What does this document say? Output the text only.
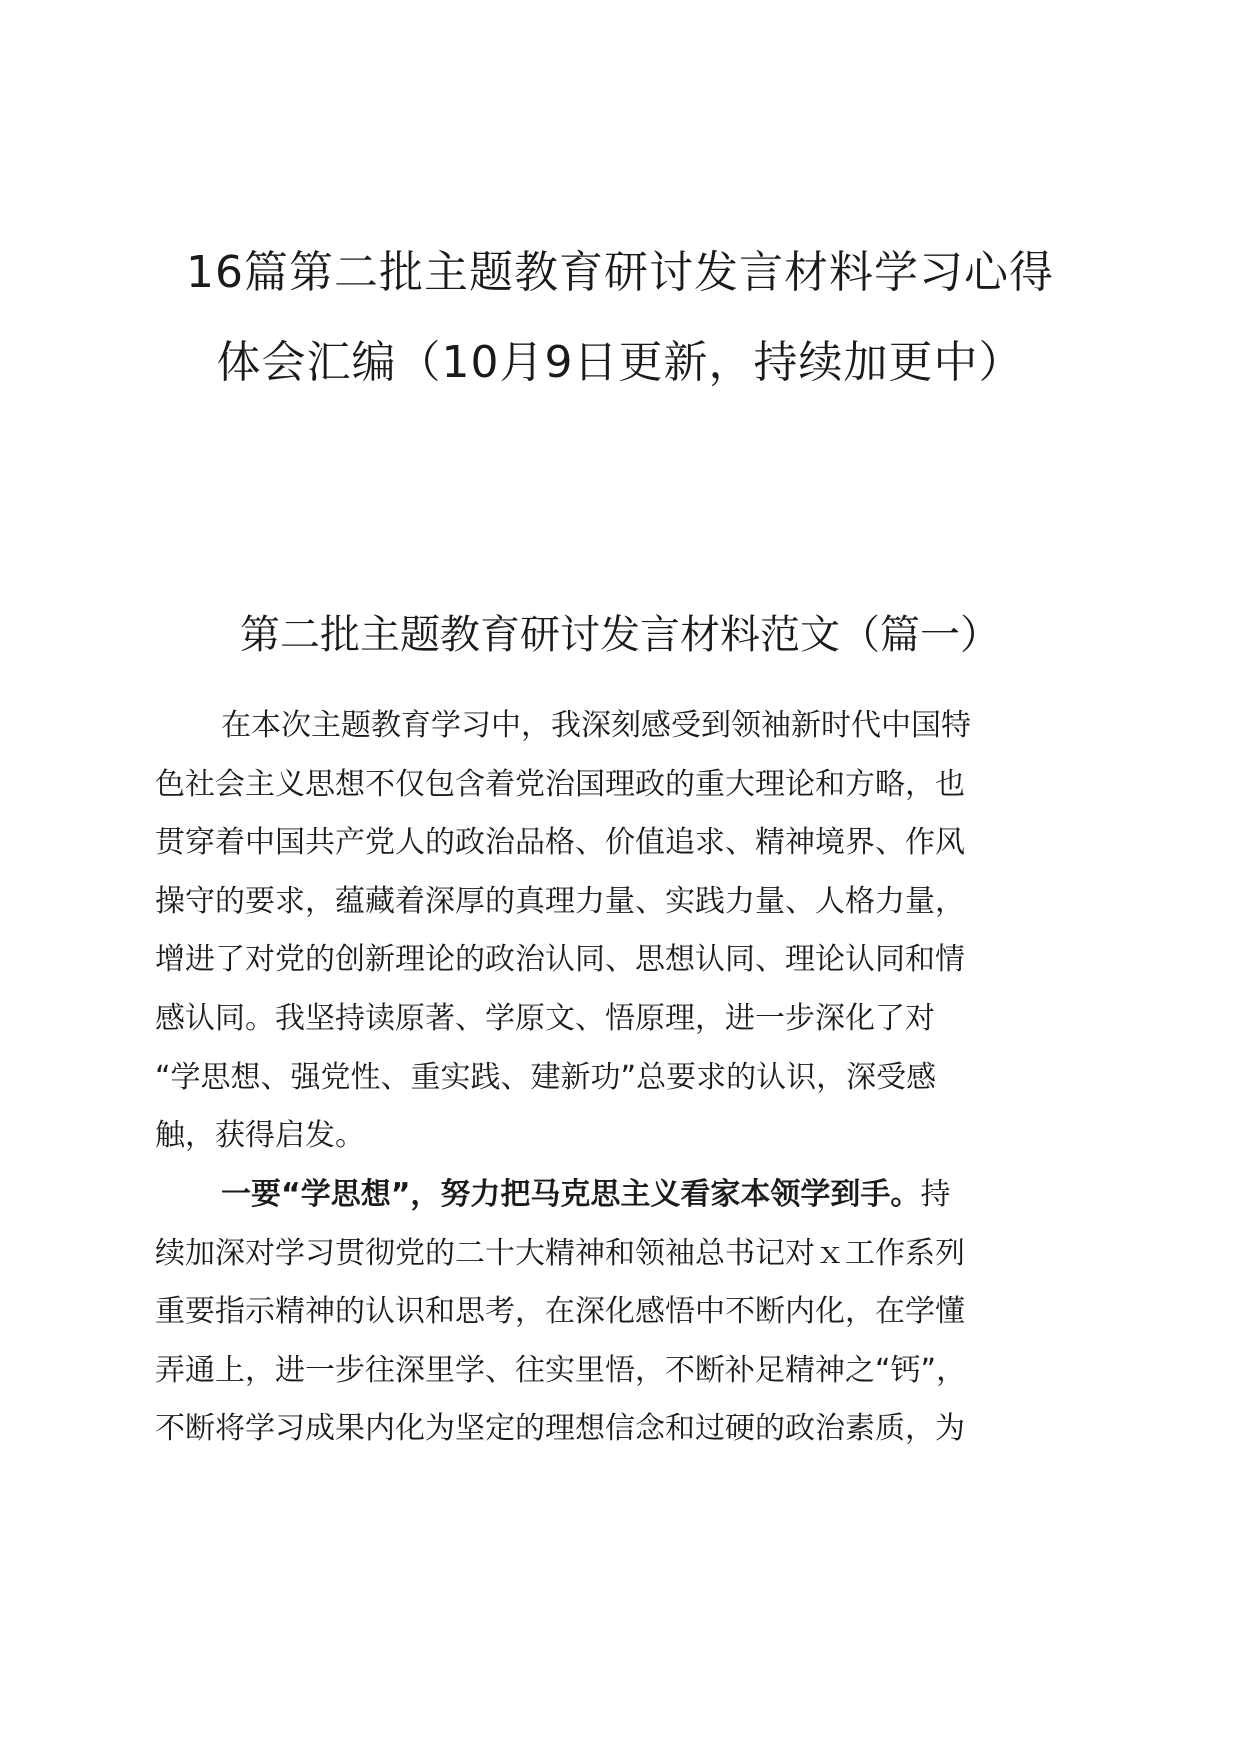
16篇第二批主题教育研讨发言材料学习心得
体会汇编（10月9日更新，持续加更中）
第二批主题教育研讨发言材料范文（篇一）
在本次主题教育学习中，我深刻感受到领袖新时代中国特
色社会主义思想不仅包含着党治国理政的重大理论和方略，也
贯穿着中国共产党人的政治品格、价值追求、精神境界、作风
操守的要求，蕴藏着深厚的真理力量、实践力量、人格力量，
增进了对党的创新理论的政治认同、思想认同、理论认同和情
感认同。我坚持读原著、学原文、悟原理，进一步深化了对
“学思想、强党性、重实践、建新功”总要求的认识，深受感
触，获得启发。
一要“学思想”，努力把马克思主义看家本领学到手。持
续加深对学习贯彻党的二十大精神和领袖总书记对ｘ工作系列
重要指示精神的认识和思考，在深化感悟中不断内化，在学懂
弄通上，进一步往深里学、往实里悟，不断补足精神之“钙”，
不断将学习成果内化为坚定的理想信念和过硬的政治素质，为
